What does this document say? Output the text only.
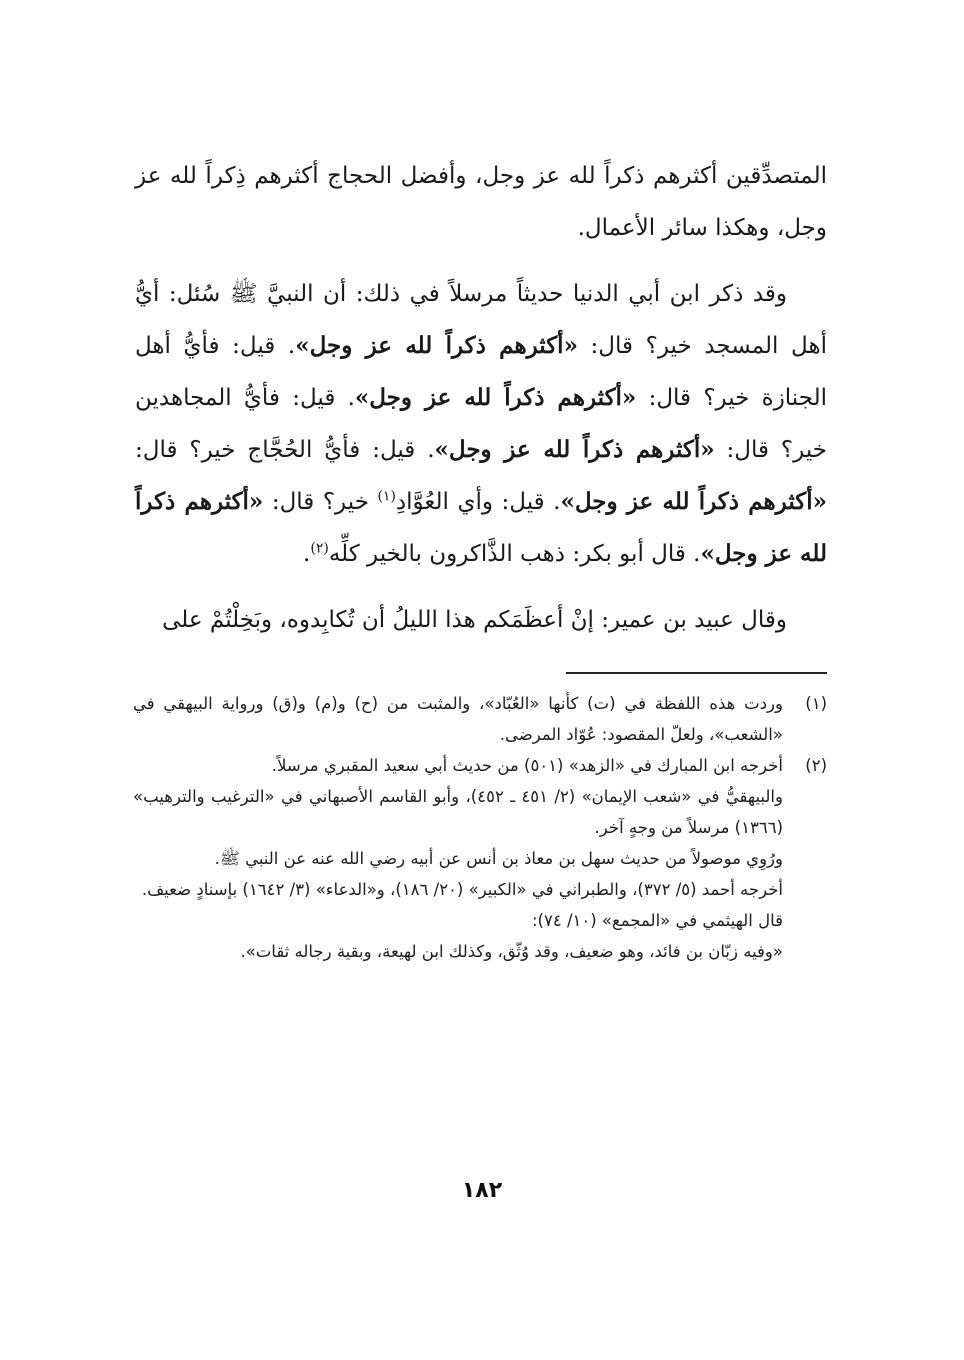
المتصدِّقين أكثرهم ذكراً لله عز وجل، وأفضل الحجاج أكثرهم ذِكراً لله عز وجل، وهكذا سائر الأعمال.

وقد ذكر ابن أبي الدنيا حديثاً مرسلاً في ذلك: أن النبيَّ ﷺ سُئل: أيُّ أهل المسجد خير؟ قال: «أكثرهم ذكراً لله عز وجل». قيل: فأيُّ أهل الجنازة خير؟ قال: «أكثرهم ذكراً لله عز وجل». قيل: فأيُّ المجاهدين خير؟ قال: «أكثرهم ذكراً لله عز وجل». قيل: فأيُّ الحُجَّاج خير؟ قال: «أكثرهم ذكراً لله عز وجل». قيل: وأي العُوَّادِ$^{(١)}$ خير؟ قال: «أكثرهم ذكراً لله عز وجل». قال أبو بكر: ذهب الذَّاكرون بالخير كلِّه$^{(٢)}$.

وقال عبيد بن عمير: إنْ أعظَمَكم هذا الليلُ أن تُكابِدوه، وبَخِلْتُمْ على

(١)
وردت هذه اللفظة في (ت) كأنها «العُبّاد»، والمثبت من (ح) و(م) و(ق) ورواية البيهقي في «الشعب»، ولعلّ المقصود: عُوّاد المرضى.

(٢)

أخرجه ابن المبارك في «الزهد» (٥٠١) من حديث أبي سعيد المقبري مرسلاً.

والبيهقيُّ في «شعب الإيمان» (٢/ ٤٥١ ـ ٤٥٢)، وأبو القاسم الأصبهاني في «الترغيب والترهيب» (١٣٦٦) مرسلاً من وجهٍ آخر.

ورُوِي موصولاً من حديث سهل بن معاذ بن أنس عن أبيه رضي الله عنه عن النبي ﷺ.

أخرجه أحمد (٥/ ٣٧٢)، والطبراني في «الكبير» (٢٠/ ١٨٦)، و«الدعاء» (٣/ ١٦٤٢) بإسنادٍ ضعيف.

قال الهيثمي في «المجمع» (١٠/ ٧٤):

«وفيه زبّان بن فائد، وهو ضعيف، وقد وُثّق، وكذلك ابن لهيعة، وبقية رجاله ثقات».

١٨٢
